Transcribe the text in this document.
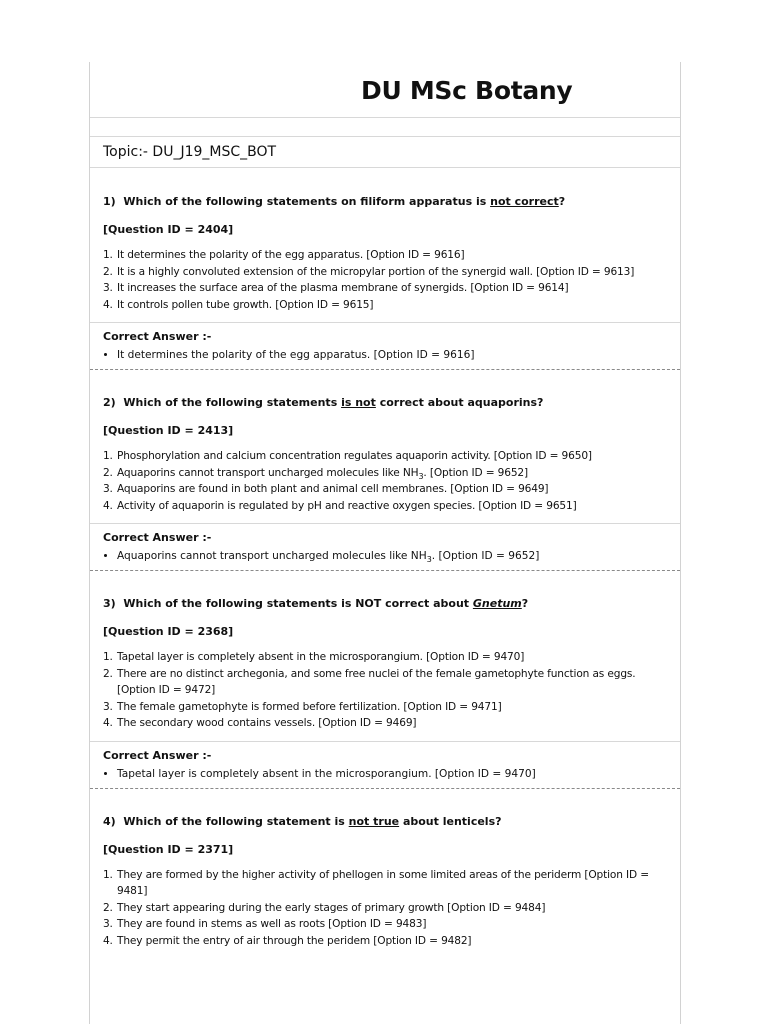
DU MSc Botany
Topic:- DU_J19_MSC_BOT
1) Which of the following statements on filiform apparatus is not correct?
[Question ID = 2404]
1. It determines the polarity of the egg apparatus. [Option ID = 9616]
2. It is a highly convoluted extension of the micropylar portion of the synergid wall. [Option ID = 9613]
3. It increases the surface area of the plasma membrane of synergids. [Option ID = 9614]
4. It controls pollen tube growth. [Option ID = 9615]
Correct Answer :-
• It determines the polarity of the egg apparatus. [Option ID = 9616]
2) Which of the following statements is not correct about aquaporins?
[Question ID = 2413]
1. Phosphorylation and calcium concentration regulates aquaporin activity. [Option ID = 9650]
2. Aquaporins cannot transport uncharged molecules like $NH_3$. [Option ID = 9652]
3. Aquaporins are found in both plant and animal cell membranes. [Option ID = 9649]
4. Activity of aquaporin is regulated by pH and reactive oxygen species. [Option ID = 9651]
Correct Answer :-
• Aquaporins cannot transport uncharged molecules like $NH_3$. [Option ID = 9652]
3) Which of the following statements is NOT correct about Gnetum?
[Question ID = 2368]
1. Tapetal layer is completely absent in the microsporangium. [Option ID = 9470]
2. There are no distinct archegonia, and some free nuclei of the female gametophyte function as eggs. [Option ID = 9472]
3. The female gametophyte is formed before fertilization. [Option ID = 9471]
4. The secondary wood contains vessels. [Option ID = 9469]
Correct Answer :-
• Tapetal layer is completely absent in the microsporangium. [Option ID = 9470]
4) Which of the following statement is not true about lenticels?
[Question ID = 2371]
1. They are formed by the higher activity of phellogen in some limited areas of the periderm [Option ID = 9481]
2. They start appearing during the early stages of primary growth [Option ID = 9484]
3. They are found in stems as well as roots [Option ID = 9483]
4. They permit the entry of air through the peridem [Option ID = 9482]
